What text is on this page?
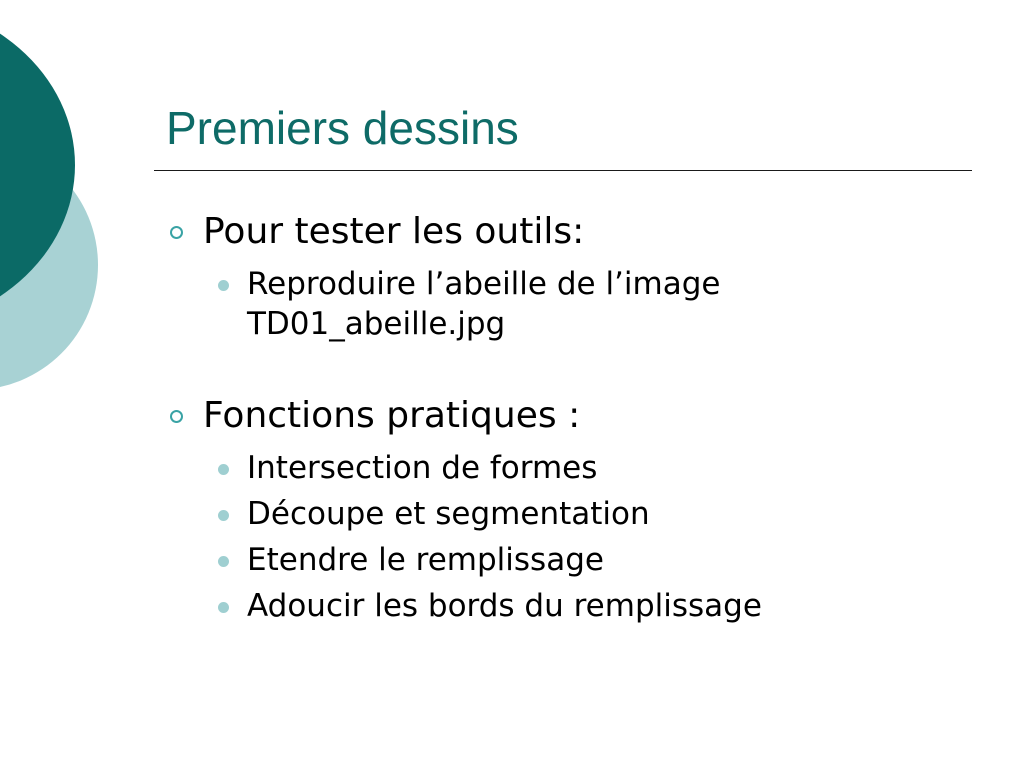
Premiers dessins
Pour tester les outils:
Reproduire l’abeille de l’image
TD01_abeille.jpg
Fonctions pratiques :
Intersection de formes
Découpe et segmentation
Etendre le remplissage
Adoucir les bords du remplissage
